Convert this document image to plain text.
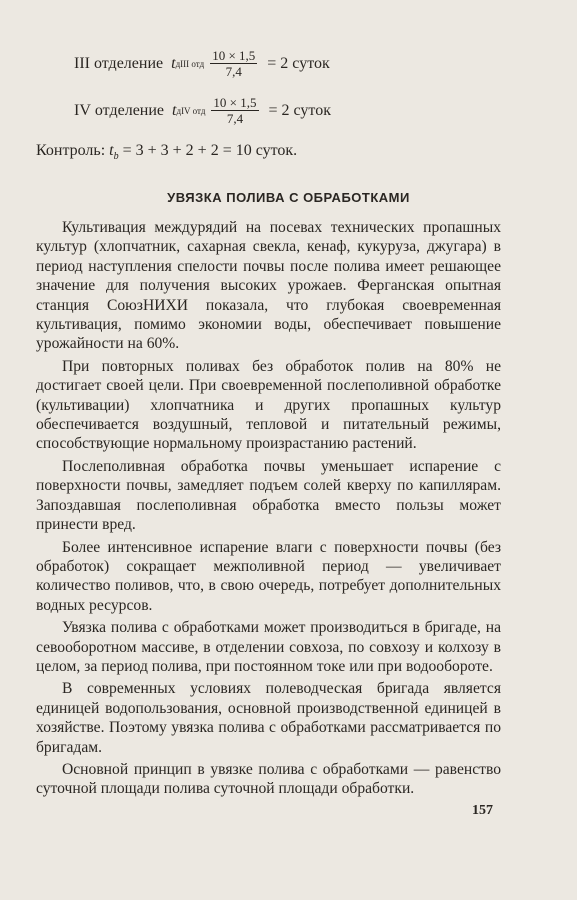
III
отделение
t д III отд $\frac{10 \times 1,5}{7,4} = 2$ суток
IV
отделение
t д IV отд $\frac{10 \times 1,5}{7,4} = 2$ суток
Контроль: $t_b = 3 + 3 + 2 + 2 = 10$ суток.
УВЯЗКА ПОЛИВА С ОБРАБОТКАМИ

Культивация междурядий на посевах технических пропашных культур (хлопчатник, сахарная свекла, кенаф, кукуруза, джугара) в период наступления спелости почвы после полива имеет решающее значение для получения высоких урожаев. Ферганская опытная станция СоюзНИХИ показала, что глубокая своевременная культивация, помимо экономии воды, обеспечивает повышение урожайности на 60%.

При повторных поливах без обработок полив на 80% не достигает своей цели. При своевременной послеполивной обработке (культивации) хлопчатника и других пропашных культур обеспечивается воздушный, тепловой и питательный режимы, способствующие нормальному произрастанию растений.

Послеполивная обработка почвы уменьшает испарение с поверхности почвы, замедляет подъем солей кверху по капиллярам. Запоздавшая послеполивная обработка вместо пользы может принести вред.

Более интенсивное испарение влаги с поверхности почвы (без обработок) сокращает межполивной период — увеличивает количество поливов, что, в свою очередь, потребует дополнительных водных ресурсов.

Увязка полива с обработками может производиться в бригаде, на севооборотном массиве, в отделении совхоза, по совхозу и колхозу в целом, за период полива, при постоянном токе или при водообороте.

В современных условиях полеводческая бригада является единицей водопользования, основной производственной единицей в хозяйстве. Поэтому увязка полива с обработками рассматривается по бригадам.

Основной принцип в увязке полива с обработками — равенство суточной площади полива суточной площади обработки.

157
